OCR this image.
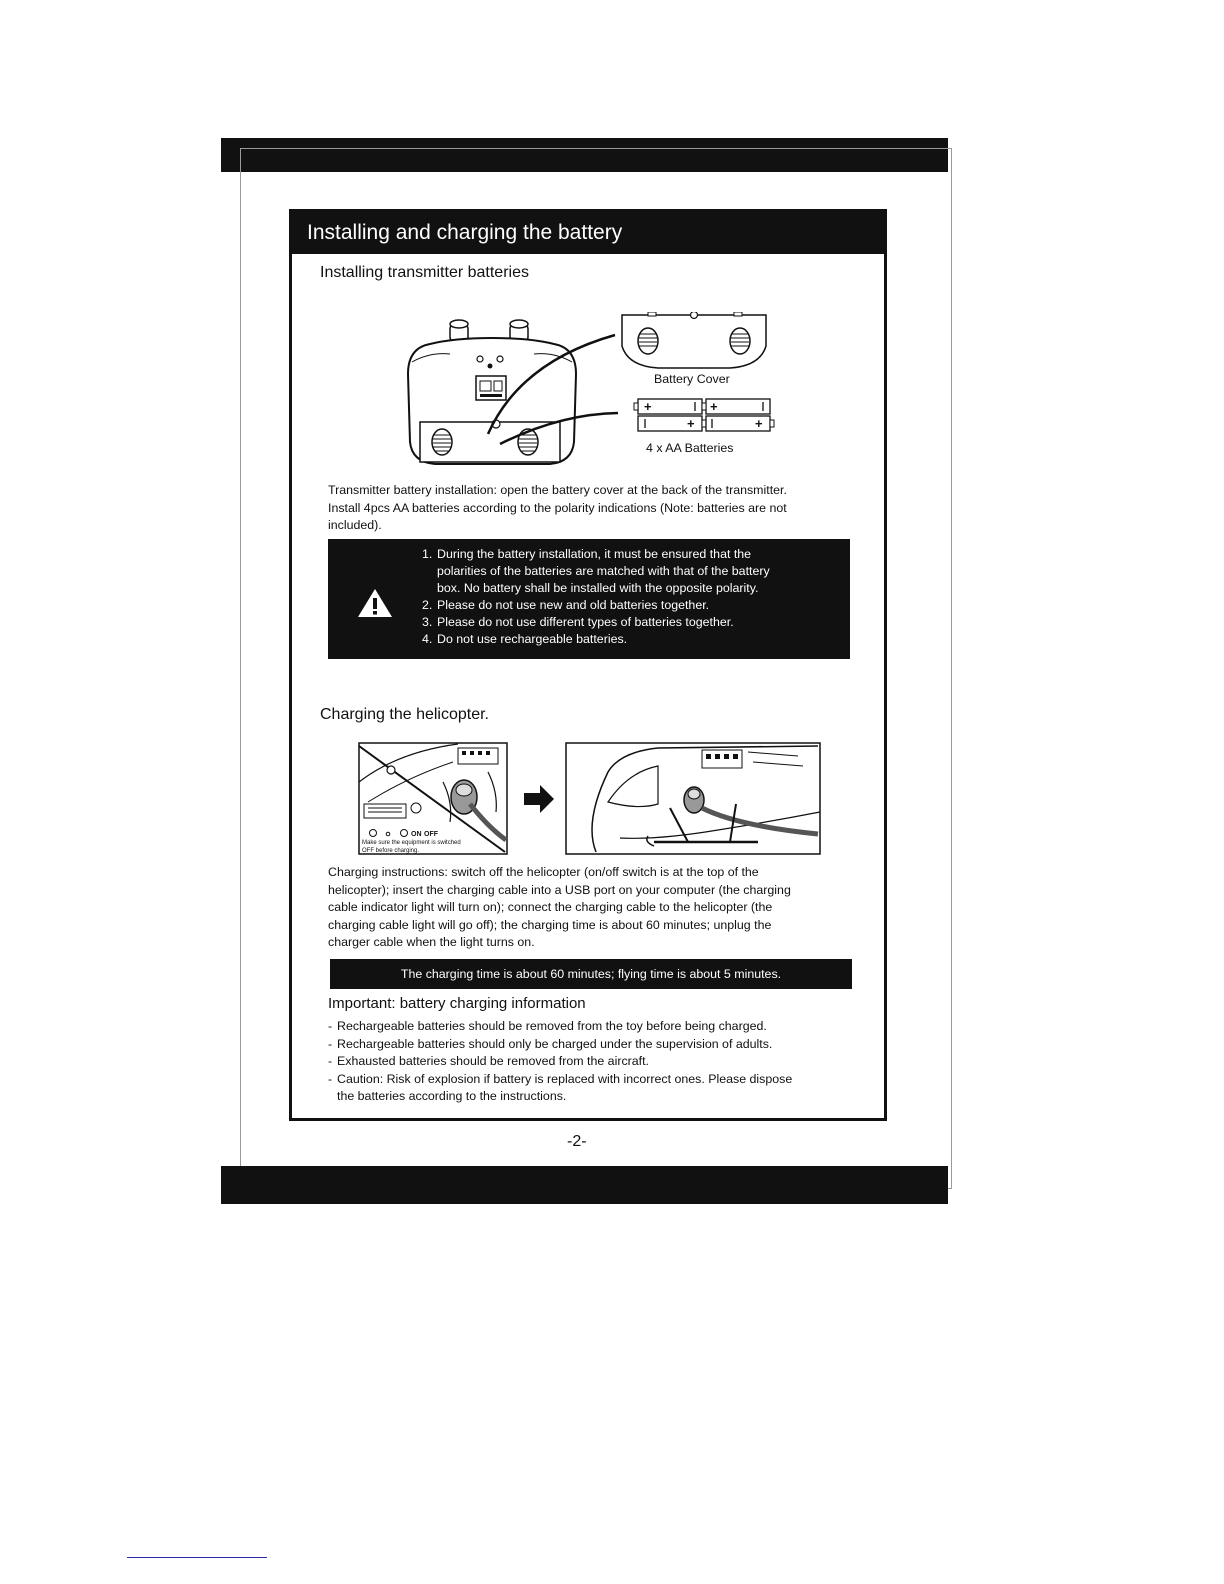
Installing and charging the battery
Installing transmitter batteries
Battery Cover
+	+
+	+
4 x AA Batteries
Transmitter battery installation: open the battery cover at the back of the transmitter.
Install 4pcs AA batteries according to the polarity indications (Note: batteries are not
included).
1. During the battery installation, it must be ensured that the
polarities of the batteries are matched with that of the battery
box. No battery shall be installed with the opposite polarity.
2. Please do not use new and old batteries together.
3. Please do not use different types of batteries together.
4. Do not use rechargeable batteries.
Charging the helicopter.
ON OFF
Make sure the equipment is switched
OFF before charging.
Charging instructions: switch off the helicopter (on/off switch is at the top of the
helicopter); insert the charging cable into a USB port on your computer (the charging
cable indicator light will turn on); connect the charging cable to the helicopter (the
charging cable light will go off); the charging time is about 60 minutes; unplug the
charger cable when the light turns on.
The charging time is about 60 minutes; flying time is about 5 minutes.
Important: battery charging information
- Rechargeable batteries should be removed from the toy before being charged.
- Rechargeable batteries should only be charged under the supervision of adults.
- Exhausted batteries should be removed from the aircraft.
- Caution: Risk of explosion if battery is replaced with incorrect ones. Please dispose
the batteries according to the instructions.
-2-
